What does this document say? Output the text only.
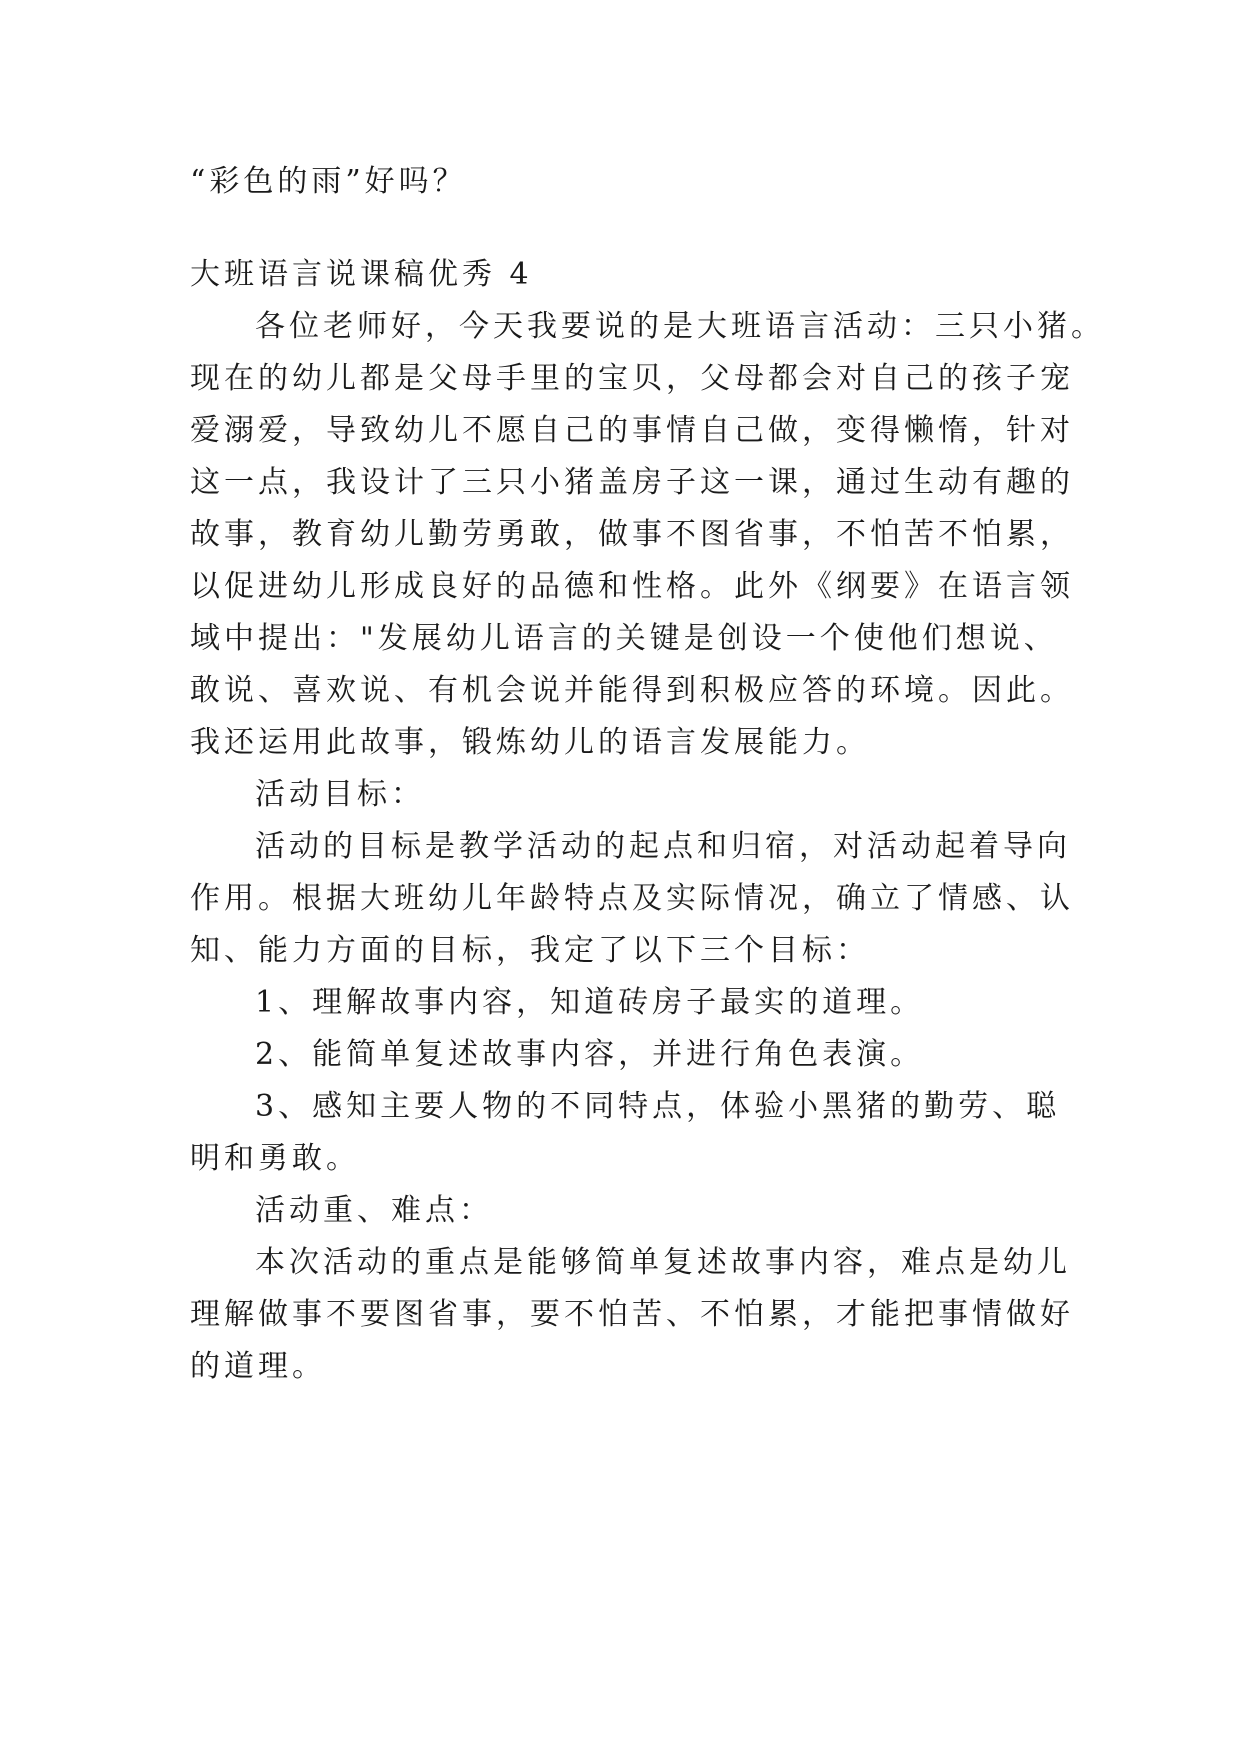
“彩色的雨”好吗？
大班语言说课稿优秀 4
各位老师好，今天我要说的是大班语言活动：三只小猪。
现在的幼儿都是父母手里的宝贝，父母都会对自己的孩子宠
爱溺爱，导致幼儿不愿自己的事情自己做，变得懒惰，针对
这一点，我设计了三只小猪盖房子这一课，通过生动有趣的
故事，教育幼儿勤劳勇敢，做事不图省事，不怕苦不怕累，
以促进幼儿形成良好的品德和性格。此外《纲要》在语言领
域中提出："发展幼儿语言的关键是创设一个使他们想说、
敢说、喜欢说、有机会说并能得到积极应答的环境。因此。
我还运用此故事，锻炼幼儿的语言发展能力。
活动目标：
活动的目标是教学活动的起点和归宿，对活动起着导向
作用。根据大班幼儿年龄特点及实际情况，确立了情感、认
知、能力方面的目标，我定了以下三个目标：
1、理解故事内容，知道砖房子最实的道理。
2、能简单复述故事内容，并进行角色表演。
3、感知主要人物的不同特点，体验小黑猪的勤劳、聪
明和勇敢。
活动重、难点：
本次活动的重点是能够简单复述故事内容，难点是幼儿
理解做事不要图省事，要不怕苦、不怕累，才能把事情做好
的道理。
